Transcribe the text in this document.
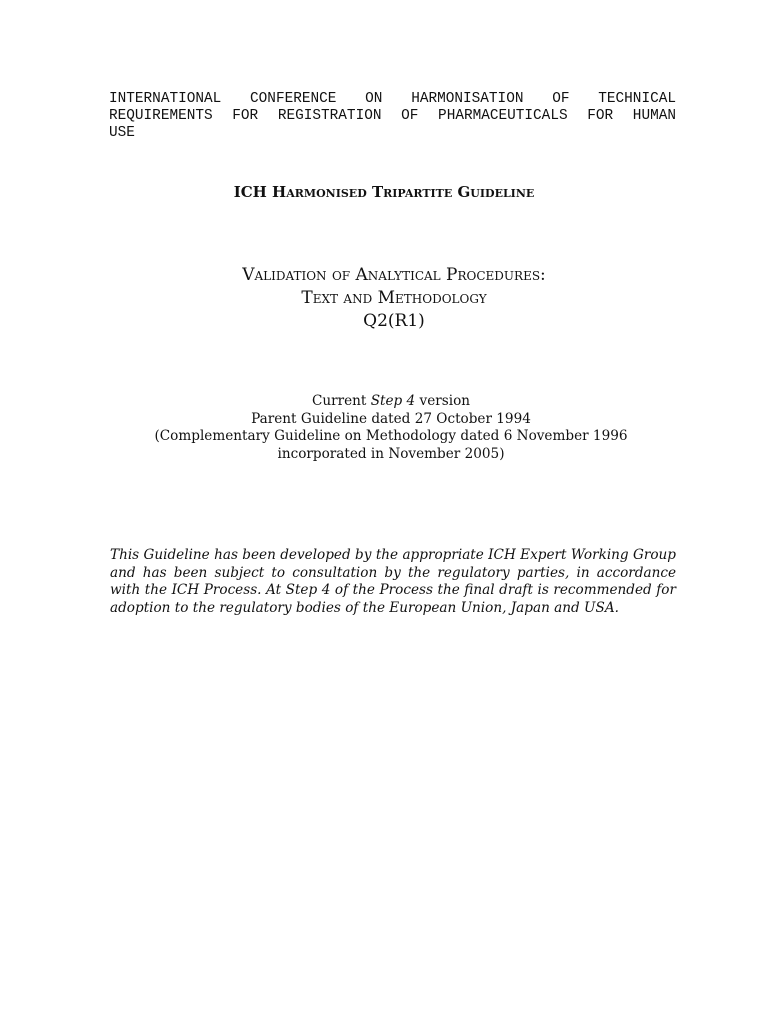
INTERNATIONAL CONFERENCE ON HARMONISATION OF TECHNICAL
REQUIREMENTS FOR REGISTRATION OF PHARMACEUTICALS FOR HUMAN
USE
ICH Harmonised Tripartite Guideline
Validation of Analytical Procedures:
Text and Methodology
Q2(R1)
Current Step 4 version
Parent Guideline dated 27 October 1994
(Complementary Guideline on Methodology dated 6 November 1996
incorporated in November 2005)
This Guideline has been developed by the appropriate ICH Expert Working Group and has been subject to consultation by the regulatory parties, in accordance with the ICH Process. At Step 4 of the Process the final draft is recommended for adoption to the regulatory bodies of the European Union, Japan and USA.
